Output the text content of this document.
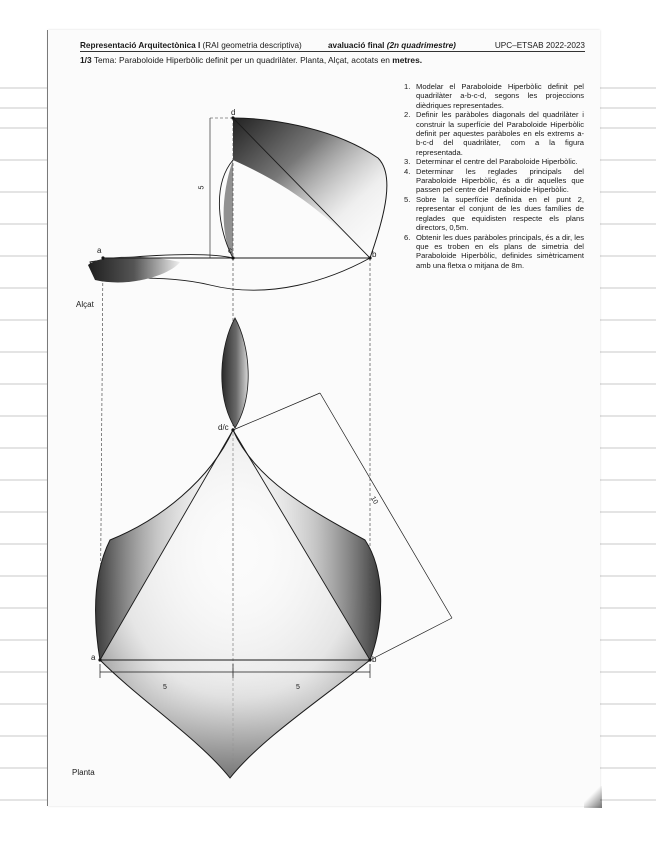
Representació Arquitectònica I (RAI geometria descriptiva)	avaluació final (2n quadrimestre)	UPC–ETSAB 2022-2023
1/3 Tema: Paraboloide Hiperbòlic definit per un quadrilàter. Planta, Alçat, acotats en metres.
1. Modelar el Paraboloide Hiperbòlic definit pel quadrilàter a-b-c-d, segons les projeccions dièdriques representades.
2. Definir les paràboles diagonals del quadrilàter i construir la superfície del Paraboloide Hiperbòlic definit per aquestes paràboles en els extrems a-b-c-d del quadrilàter, com a la figura representada.
3. Determinar el centre del Paraboloide Hiperbòlic.
4. Determinar les reglades principals del Paraboloide Hiperbòlic, és a dir aquelles que passen pel centre del Paraboloide Hiperbòlic.
5. Sobre la superfície definida en el punt 2, representar el conjunt de les dues famílies de reglades que equidisten respecte els plans directors, 0,5m.
6. Obtenir les dues paràboles principals, és a dir, les que es troben en els plans de simetria del Paraboloide Hiperbòlic, definides simètricament amb una fletxa o mitjana de 8m.
d
c
a	b
d/c
a	b
5
5	5
10
Alçat
Planta
